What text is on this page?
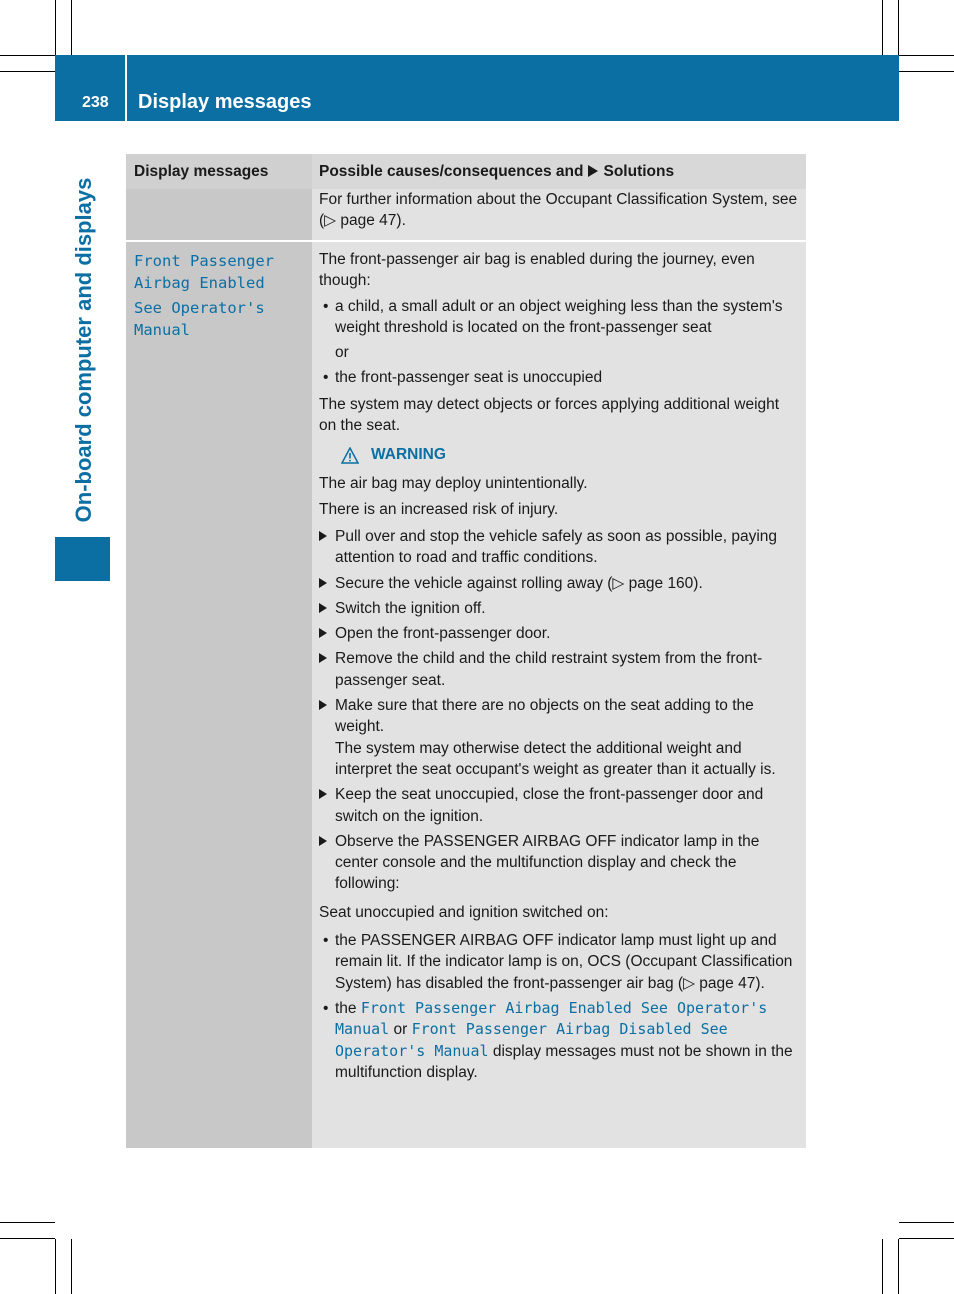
238 Display messages
On-board computer and displays
Display messages	Possible causes/consequences and Solutions
For further information about the Occupant Classification System, see (▷ page 47).
Front Passenger
Airbag Enabled
See Operator's
Manual
The front-passenger air bag is enabled during the journey, even though:
• a child, a small adult or an object weighing less than the system's weight threshold is located on the front-passenger seat
or
• the front-passenger seat is unoccupied
The system may detect objects or forces applying additional weight on the seat.
WARNING
The air bag may deploy unintentionally.
There is an increased risk of injury.
Pull over and stop the vehicle safely as soon as possible, paying attention to road and traffic conditions.
Secure the vehicle against rolling away (▷ page 160).
Switch the ignition off.
Open the front-passenger door.
Remove the child and the child restraint system from the front-passenger seat.
Make sure that there are no objects on the seat adding to the weight.
The system may otherwise detect the additional weight and interpret the seat occupant's weight as greater than it actually is.
Keep the seat unoccupied, close the front-passenger door and switch on the ignition.
Observe the PASSENGER AIRBAG OFF indicator lamp in the center console and the multifunction display and check the following:
Seat unoccupied and ignition switched on:
• the PASSENGER AIRBAG OFF indicator lamp must light up and remain lit. If the indicator lamp is on, OCS (Occupant Classification System) has disabled the front-passenger air bag (▷ page 47).
• the Front Passenger Airbag Enabled See Operator's Manual or Front Passenger Airbag Disabled See Operator's Manual display messages must not be shown in the multifunction display.
